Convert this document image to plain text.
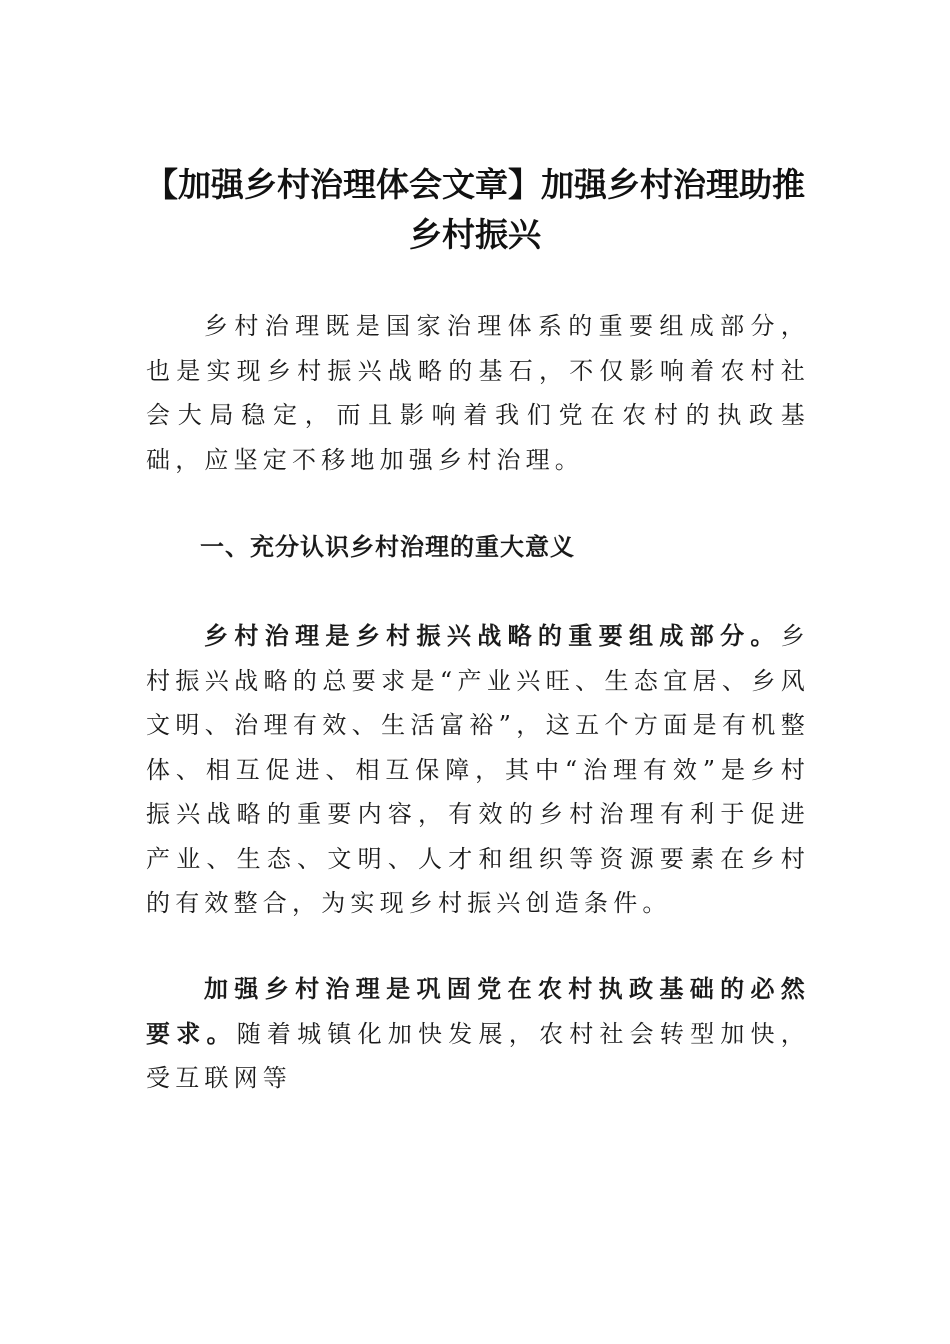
【加强乡村治理体会文章】加强乡村治理助推乡村振兴

乡村治理既是国家治理体系的重要组成部分，也是实现乡村振兴战略的基石，不仅影响着农村社会大局稳定，而且影响着我们党在农村的执政基础，应坚定不移地加强乡村治理。

一、充分认识乡村治理的重大意义

乡村治理是乡村振兴战略的重要组成部分。乡村振兴战略的总要求是“产业兴旺、生态宜居、乡风文明、治理有效、生活富裕”，这五个方面是有机整体、相互促进、相互保障，其中“治理有效”是乡村振兴战略的重要内容，有效的乡村治理有利于促进产业、生态、文明、人才和组织等资源要素在乡村的有效整合，为实现乡村振兴创造条件。

加强乡村治理是巩固党在农村执政基础的必然要求。随着城镇化加快发展，农村社会转型加快，受互联网等
